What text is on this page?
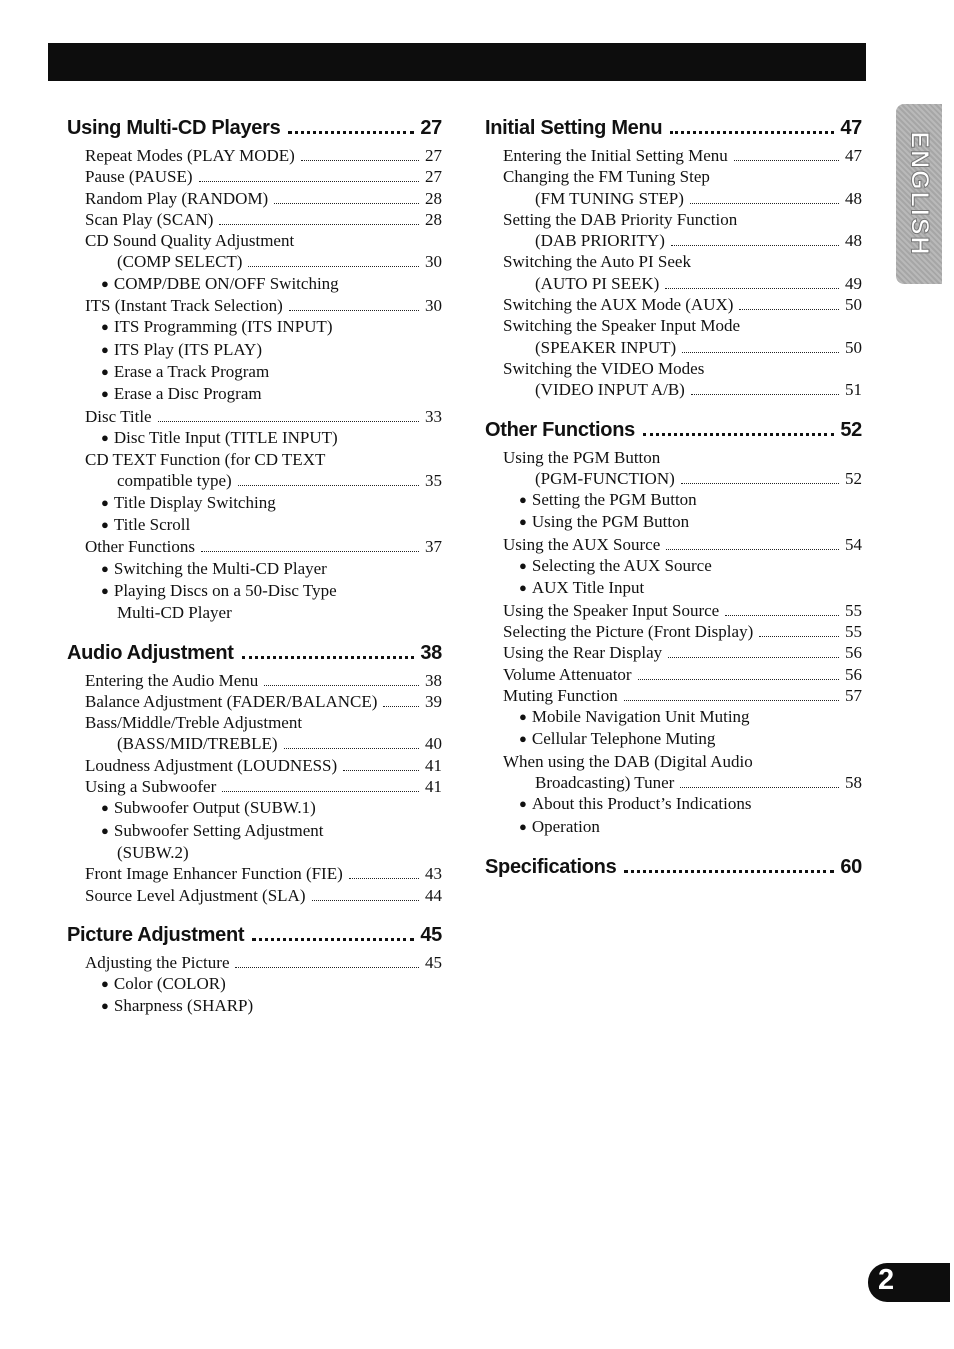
ENGLISH
Using Multi-CD Players	27
Repeat Modes (PLAY MODE)	27
Pause (PAUSE)	27
Random Play (RANDOM)	28
Scan Play (SCAN)	28
CD Sound Quality Adjustment
(COMP SELECT)	30
● COMP/DBE ON/OFF Switching
ITS (Instant Track Selection)	30
● ITS Programming (ITS INPUT)
● ITS Play (ITS PLAY)
● Erase a Track Program
● Erase a Disc Program
Disc Title	33
● Disc Title Input (TITLE INPUT)
CD TEXT Function (for CD TEXT
compatible type)	35
● Title Display Switching
● Title Scroll
Other Functions	37
● Switching the Multi-CD Player
● Playing Discs on a 50-Disc Type
Multi-CD Player
Audio Adjustment	38
Entering the Audio Menu	38
Balance Adjustment (FADER/BALANCE)	39
Bass/Middle/Treble Adjustment
(BASS/MID/TREBLE)	40
Loudness Adjustment (LOUDNESS)	41
Using a Subwoofer	41
● Subwoofer Output (SUBW.1)
● Subwoofer Setting Adjustment
(SUBW.2)
Front Image Enhancer Function (FIE)	43
Source Level Adjustment (SLA)	44
Picture Adjustment	45
Adjusting the Picture	45
● Color (COLOR)
● Sharpness (SHARP)
Initial Setting Menu	47
Entering the Initial Setting Menu	47
Changing the FM Tuning Step
(FM TUNING STEP)	48
Setting the DAB Priority Function
(DAB PRIORITY)	48
Switching the Auto PI Seek
(AUTO PI SEEK)	49
Switching the AUX Mode (AUX)	50
Switching the Speaker Input Mode
(SPEAKER INPUT)	50
Switching the VIDEO Modes
(VIDEO INPUT A/B)	51
Other Functions	52
Using the PGM Button
(PGM-FUNCTION)	52
● Setting the PGM Button
● Using the PGM Button
Using the AUX Source	54
● Selecting the AUX Source
● AUX Title Input
Using the Speaker Input Source	55
Selecting the Picture (Front Display)	55
Using the Rear Display	56
Volume Attenuator	56
Muting Function	57
● Mobile Navigation Unit Muting
● Cellular Telephone Muting
When using the DAB (Digital Audio
Broadcasting) Tuner	58
● About this Product’s Indications
● Operation
Specifications	60
2
